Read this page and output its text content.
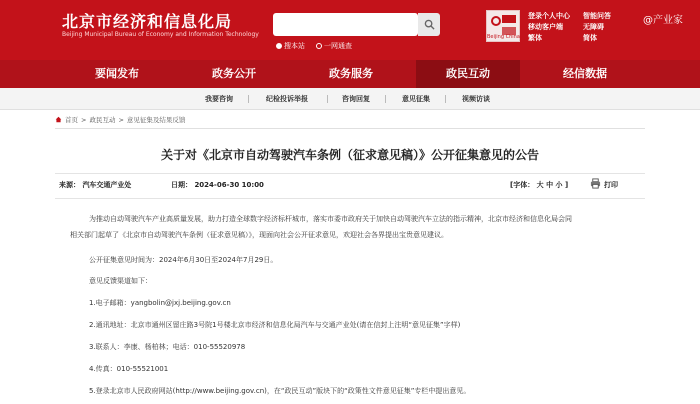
北京市经济和信息化局
Beijing Municipal Bureau of Economy and Information Technology
搜本站	一网通查
Beijing China
登录个人中心
移动客户端
繁体
智能问答
无障碍
简体
@产业家
要闻发布	政务公开	政务服务	政民互动	经信数据
我要咨询	纪检投诉举报	咨询回复	意见征集	视频访谈
首页 > 政民互动 > 意见征集及结果反馈
关于对《北京市自动驾驶汽车条例（征求意见稿）》公开征集意见的公告
来源： 汽车交通产业处	日期： 2024-06-30 10:00	[字体： 大 中 小 ]	打印
为推动自动驾驶汽车产业高质量发展，助力打造全球数字经济标杆城市，落实市委市政府关于加快自动驾驶汽车立法的指示精神，北京市经济和信息化局会同
相关部门起草了《北京市自动驾驶汽车条例（征求意见稿）》，现面向社会公开征求意见，欢迎社会各界提出宝贵意见建议。
公开征集意见时间为：2024年6月30日至2024年7月29日。
意见反馈渠道如下：
1.电子邮箱：yangbolin@jxj.beijing.gov.cn
2.通讯地址：北京市通州区留庄路3号院1号楼北京市经济和信息化局汽车与交通产业处(请在信封上注明“意见征集”字样)
3.联系人：李康、杨柏林；电话：010-55520978
4.传真：010-55521001
5.登录北京市人民政府网站(http://www.beijing.gov.cn)，在“政民互动”版块下的“政策性文件意见征集”专栏中提出意见。
